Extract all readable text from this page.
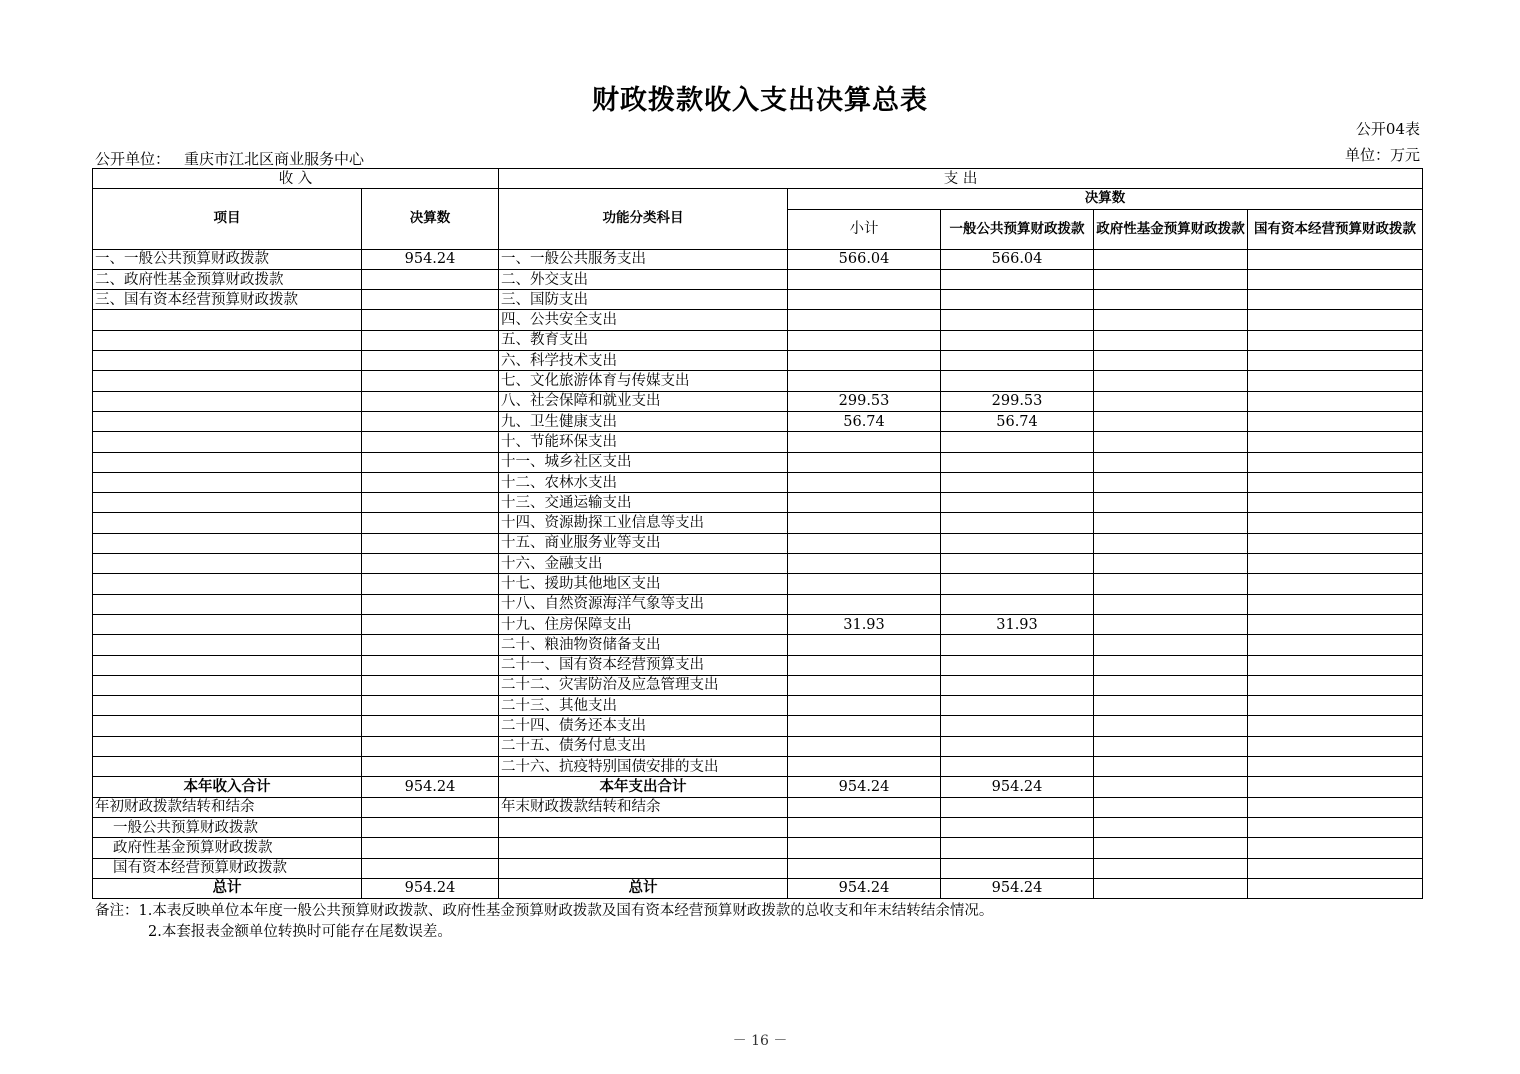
财政拨款收入支出决算总表
公开04表
单位：万元
公开单位： 重庆市江北区商业服务中心
收 入		支 出				
项目	决算数	功能分类科目	决算数			
			小计	一般公共预算财政拨款	政府性基金预算财政拨款	国有资本经营预算财政拨款
一、一般公共预算财政拨款	954.24	一、一般公共服务支出	566.04	566.04		
二、政府性基金预算财政拨款		二、外交支出				
三、国有资本经营预算财政拨款		三、国防支出				
		四、公共安全支出				
		五、教育支出				
		六、科学技术支出				
		七、文化旅游体育与传媒支出				
		八、社会保障和就业支出	299.53	299.53		
		九、卫生健康支出	56.74	56.74		
		十、节能环保支出				
		十一、城乡社区支出				
		十二、农林水支出				
		十三、交通运输支出				
		十四、资源勘探工业信息等支出				
		十五、商业服务业等支出				
		十六、金融支出				
		十七、援助其他地区支出				
		十八、自然资源海洋气象等支出				
		十九、住房保障支出	31.93	31.93		
		二十、粮油物资储备支出				
		二十一、国有资本经营预算支出				
		二十二、灾害防治及应急管理支出				
		二十三、其他支出				
		二十四、债务还本支出				
		二十五、债务付息支出				
		二十六、抗疫特别国债安排的支出				
本年收入合计	954.24	本年支出合计	954.24	954.24		
年初财政拨款结转和结余		年末财政拨款结转和结余				
一般公共预算财政拨款						
政府性基金预算财政拨款						
国有资本经营预算财政拨款						
总计	954.24	总计	954.24	954.24		
备注：1.本表反映单位本年度一般公共预算财政拨款、政府性基金预算财政拨款及国有资本经营预算财政拨款的总收支和年末结转结余情况。
2.本套报表金额单位转换时可能存在尾数误差。
－ 16 －
